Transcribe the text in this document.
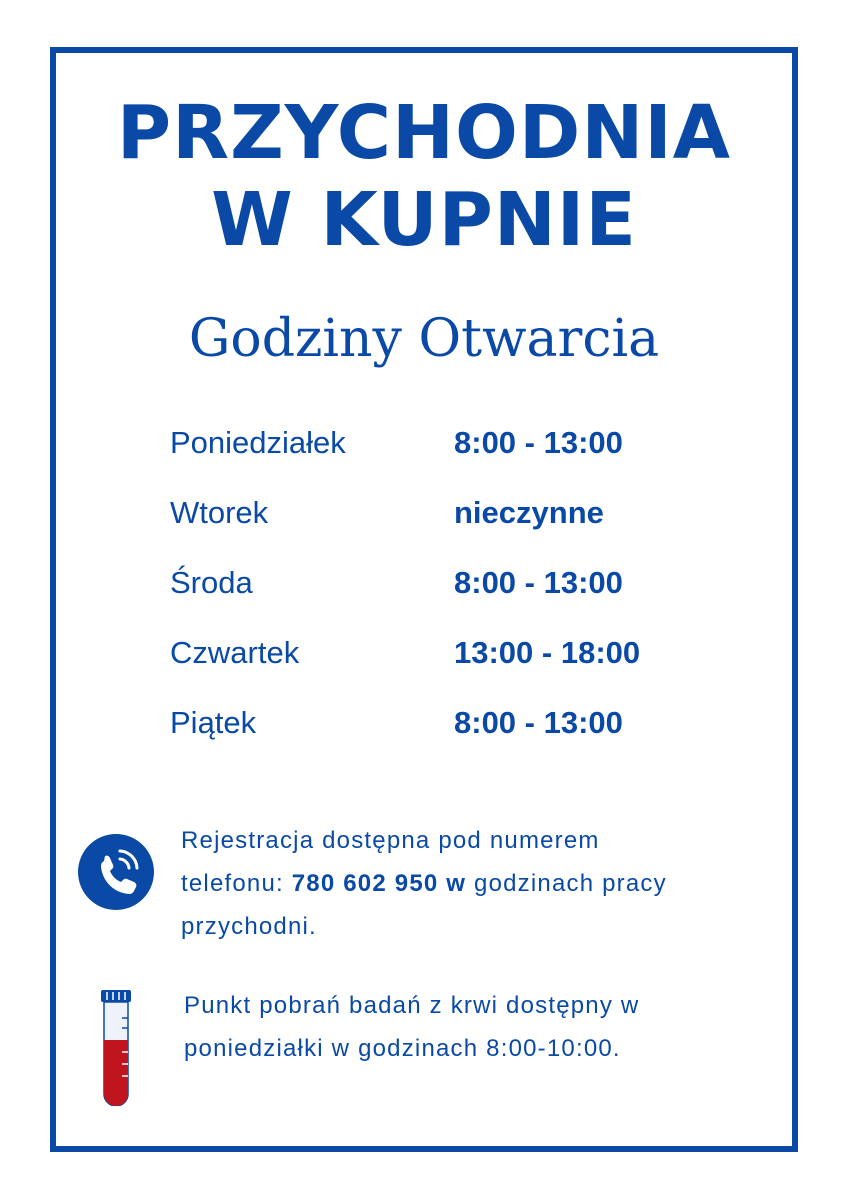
PRZYCHODNIA
W KUPNIE
Godziny Otwarcia
Poniedziałek	8:00 - 13:00
Wtorek	nieczynne
Środa	8:00 - 13:00
Czwartek	13:00 - 18:00
Piątek	8:00 - 13:00
Rejestracja dostępna pod numerem
telefonu: 780 602 950 w godzinach pracy
przychodni.
Punkt pobrań badań z krwi dostępny w
poniedziałki w godzinach 8:00-10:00.
